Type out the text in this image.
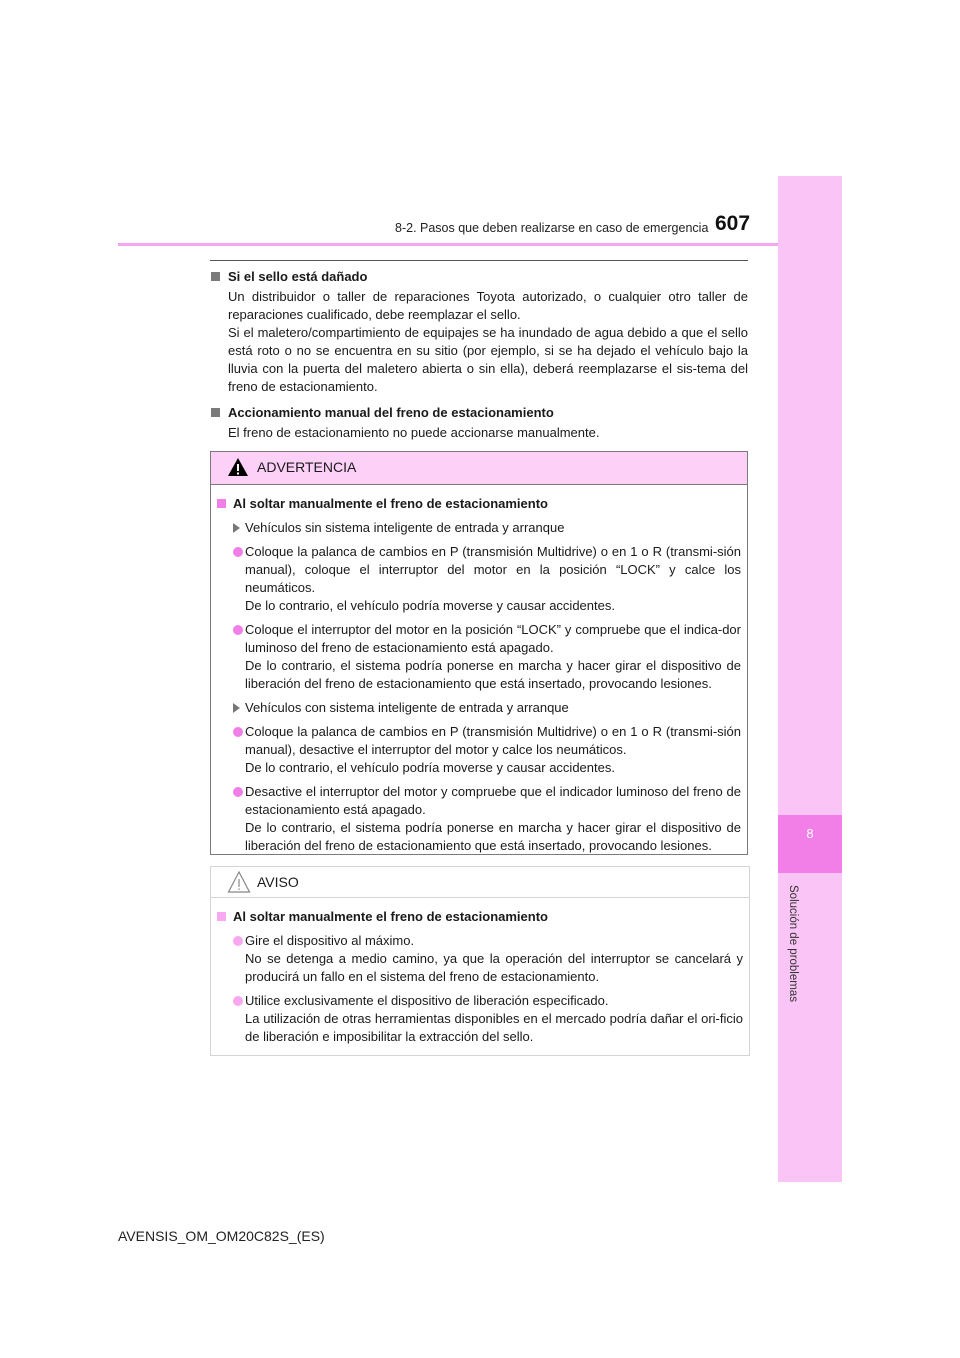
8
Solución de problemas
8-2. Pasos que deben realizarse en caso de emergencia 607
Si el sello está dañado
Un distribuidor o taller de reparaciones Toyota autorizado, o cualquier otro taller de reparaciones cualificado, debe reemplazar el sello.
Si el maletero/compartimiento de equipajes se ha inundado de agua debido a que el sello está roto o no se encuentra en su sitio (por ejemplo, si se ha dejado el vehículo bajo la lluvia con la puerta del maletero abierta o sin ella), deberá reemplazarse el sis-tema del freno de estacionamiento.
Accionamiento manual del freno de estacionamiento
El freno de estacionamiento no puede accionarse manualmente.
ADVERTENCIA
Al soltar manualmente el freno de estacionamiento
Vehículos sin sistema inteligente de entrada y arranque
Coloque la palanca de cambios en P (transmisión Multidrive) o en 1 o R (transmi-sión manual), coloque el interruptor del motor en la posición “LOCK” y calce los neumáticos.
De lo contrario, el vehículo podría moverse y causar accidentes.
Coloque el interruptor del motor en la posición “LOCK” y compruebe que el indica-dor luminoso del freno de estacionamiento está apagado.
De lo contrario, el sistema podría ponerse en marcha y hacer girar el dispositivo de liberación del freno de estacionamiento que está insertado, provocando lesiones.
Vehículos con sistema inteligente de entrada y arranque
Coloque la palanca de cambios en P (transmisión Multidrive) o en 1 o R (transmi-sión manual), desactive el interruptor del motor y calce los neumáticos.
De lo contrario, el vehículo podría moverse y causar accidentes.
Desactive el interruptor del motor y compruebe que el indicador luminoso del freno de estacionamiento está apagado.
De lo contrario, el sistema podría ponerse en marcha y hacer girar el dispositivo de liberación del freno de estacionamiento que está insertado, provocando lesiones.
AVISO
Al soltar manualmente el freno de estacionamiento
Gire el dispositivo al máximo.
No se detenga a medio camino, ya que la operación del interruptor se cancelará y producirá un fallo en el sistema del freno de estacionamiento.
Utilice exclusivamente el dispositivo de liberación especificado.
La utilización de otras herramientas disponibles en el mercado podría dañar el ori-ficio de liberación e imposibilitar la extracción del sello.
AVENSIS_OM_OM20C82S_(ES)
